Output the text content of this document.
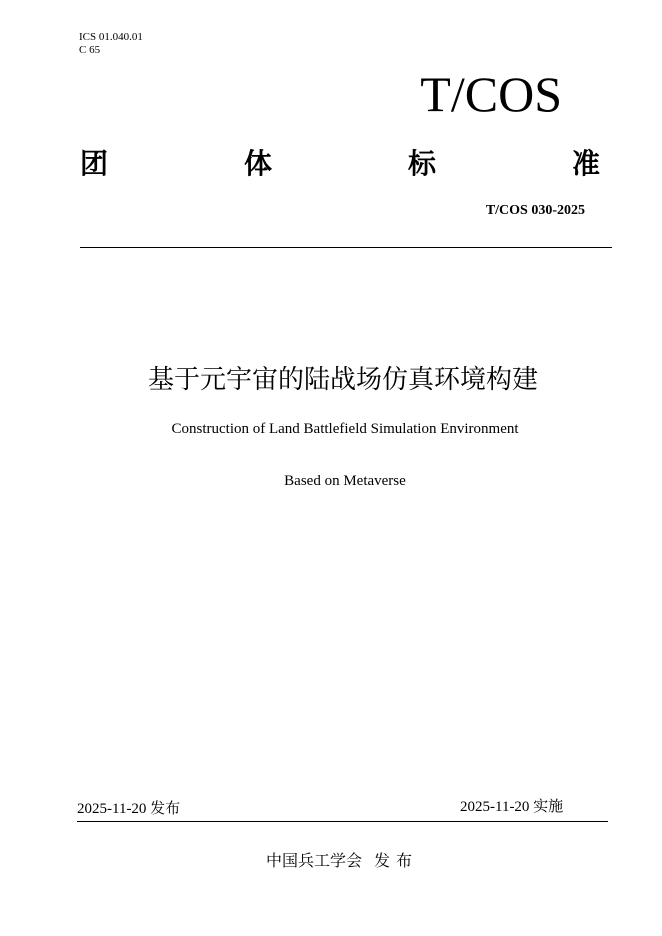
ICS 01.040.01
C 65
T/COS
团	体	标	准
T/COS 030-2025
基于元宇宙的陆战场仿真环境构建
Construction of Land Battlefield Simulation Environment
Based on Metaverse
2025-11-20 发布	2025-11-20 实施
中国兵工学会 发布
